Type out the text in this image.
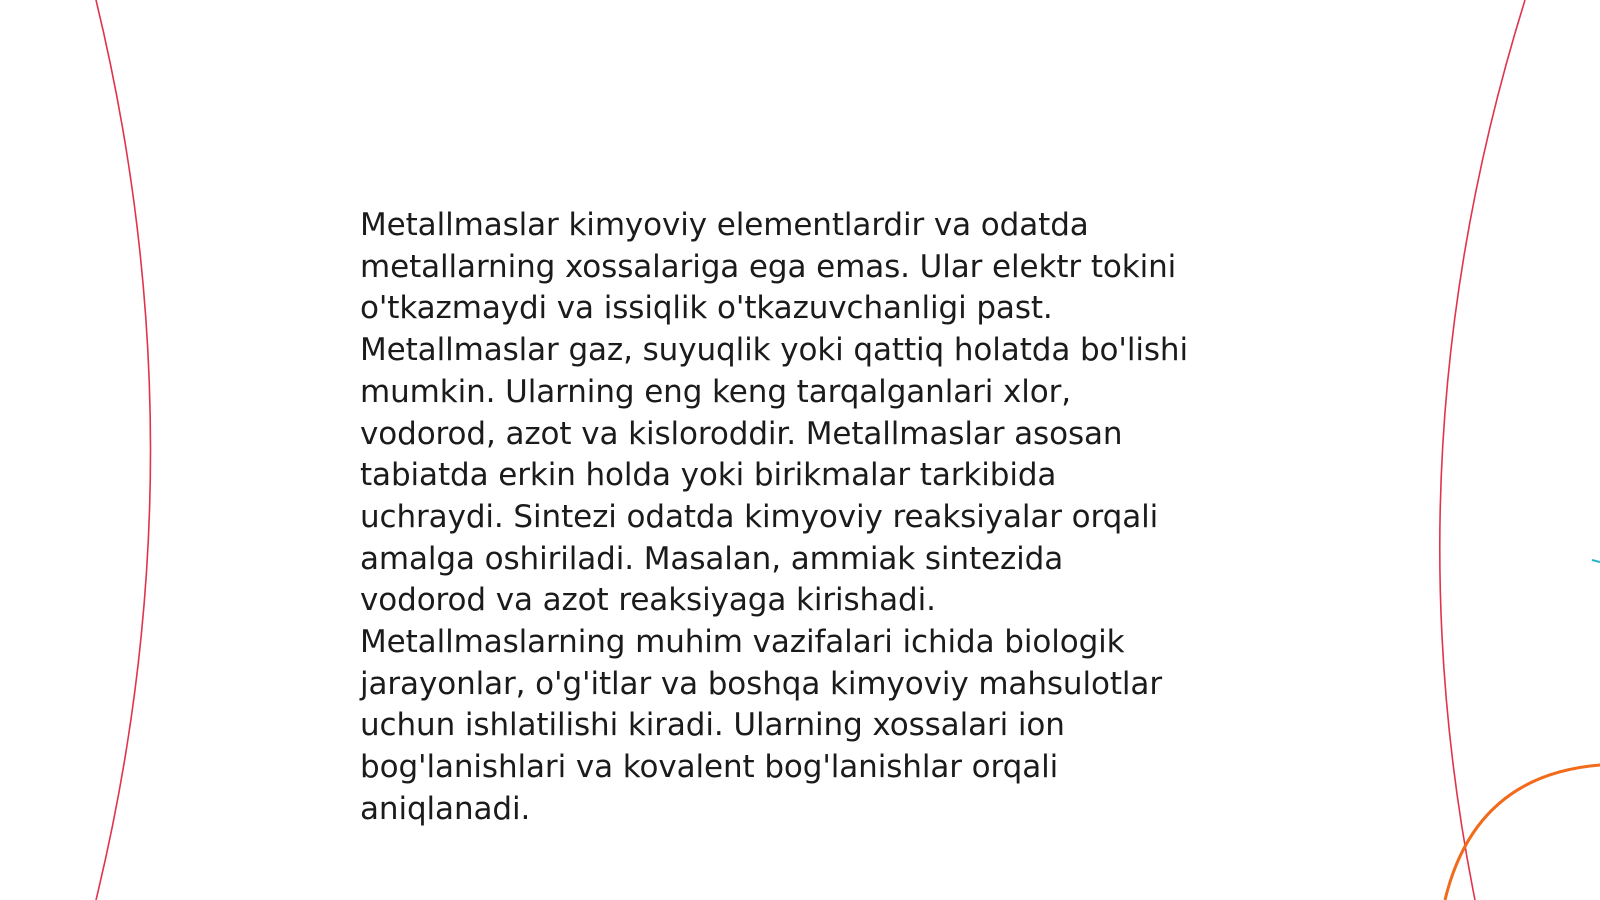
Metallmaslar kimyoviy elementlardir va odatda
metallarning xossalariga ega emas. Ular elektr tokini
o'tkazmaydi va issiqlik o'tkazuvchanligi past.
Metallmaslar gaz, suyuqlik yoki qattiq holatda bo'lishi
mumkin. Ularning eng keng tarqalganlari xlor,
vodorod, azot va kisloroddir. Metallmaslar asosan
tabiatda erkin holda yoki birikmalar tarkibida
uchraydi. Sintezi odatda kimyoviy reaksiyalar orqali
amalga oshiriladi. Masalan, ammiak sintezida
vodorod va azot reaksiyaga kirishadi.
Metallmaslarning muhim vazifalari ichida biologik
jarayonlar, o'g'itlar va boshqa kimyoviy mahsulotlar
uchun ishlatilishi kiradi. Ularning xossalari ion
bog'lanishlari va kovalent bog'lanishlar orqali
aniqlanadi.
